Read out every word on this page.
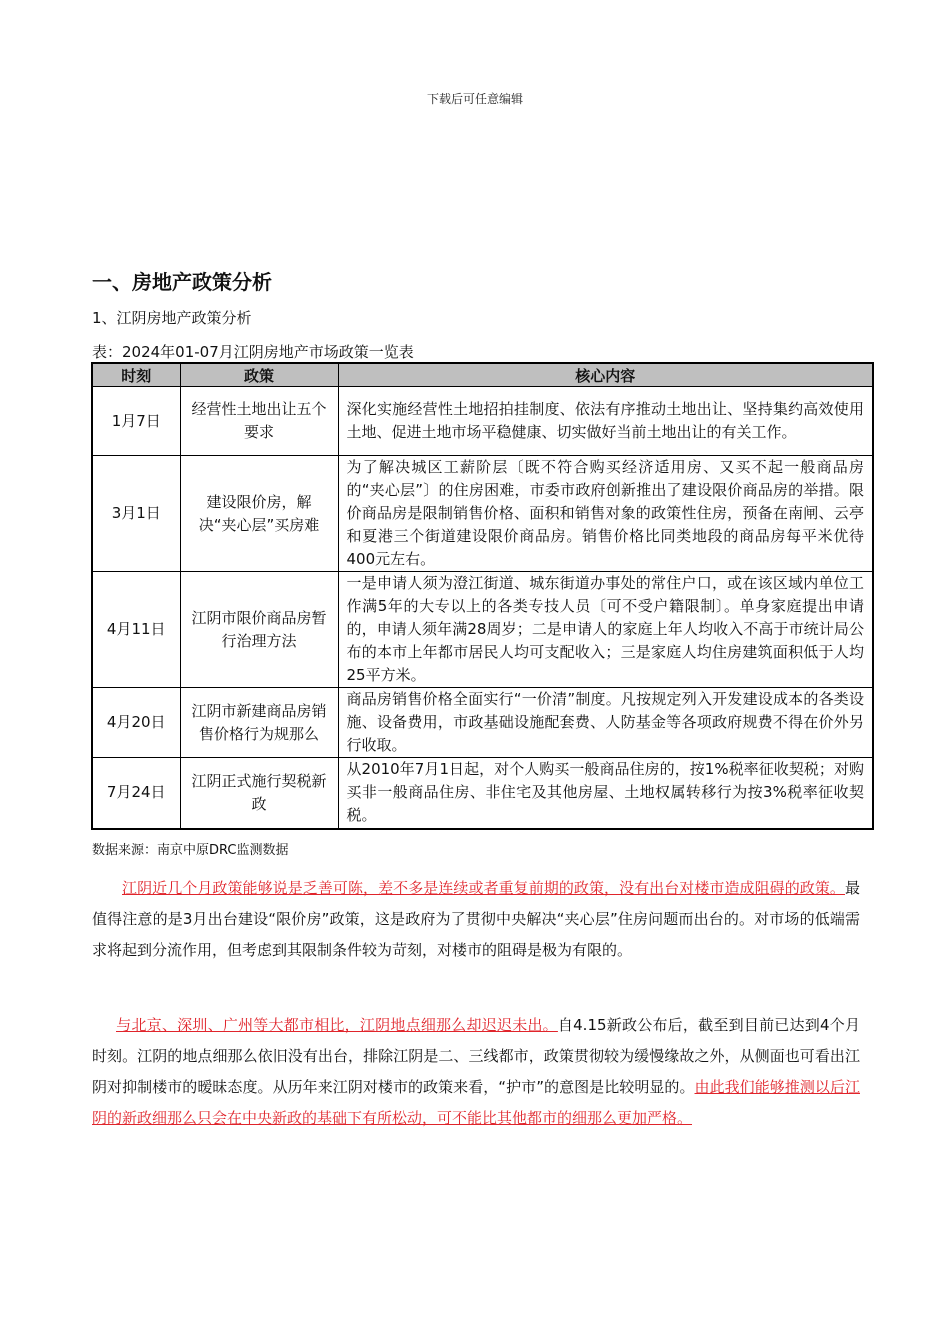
下载后可任意编辑
一、房地产政策分析
1、江阴房地产政策分析
表：2024年01-07月江阴房地产市场政策一览表
时刻	政策	核心内容
1月7日	经营性土地出让五个要求	深化实施经营性土地招拍挂制度、依法有序推动土地出让、坚持集约高效使用土地、促进土地市场平稳健康、切实做好当前土地出让的有关工作。
3月1日	建设限价房，解决“夹心层”买房难	为了解决城区工薪阶层〔既不符合购买经济适用房、又买不起一般商品房的“夹心层”〕的住房困难，市委市政府创新推出了建设限价商品房的举措。限价商品房是限制销售价格、面积和销售对象的政策性住房，预备在南闸、云亭和夏港三个街道建设限价商品房。销售价格比同类地段的商品房每平米优待400元左右。
4月11日	江阴市限价商品房暂行治理方法	一是申请人须为澄江街道、城东街道办事处的常住户口，或在该区域内单位工作满5年的大专以上的各类专技人员〔可不受户籍限制〕。单身家庭提出申请的，申请人须年满28周岁；二是申请人的家庭上年人均收入不高于市统计局公布的本市上年都市居民人均可支配收入；三是家庭人均住房建筑面积低于人均25平方米。
4月20日	江阴市新建商品房销售价格行为规那么	商品房销售价格全面实行“一价清”制度。凡按规定列入开发建设成本的各类设施、设备费用，市政基础设施配套费、人防基金等各项政府规费不得在价外另行收取。
7月24日	江阴正式施行契税新政	从2010年7月1日起，对个人购买一般商品住房的，按1%税率征收契税；对购买非一般商品住房、非住宅及其他房屋、土地权属转移行为按3%税率征收契税。
数据来源：南京中原DRC监测数据
江阴近几个月政策能够说是乏善可陈，差不多是连续或者重复前期的政策，没有出台对楼市造成阻碍的政策。最值得注意的是3月出台建设“限价房”政策，这是政府为了贯彻中央解决“夹心层”住房问题而出台的。对市场的低端需求将起到分流作用，但考虑到其限制条件较为苛刻，对楼市的阻碍是极为有限的。
与北京、深圳、广州等大都市相比，江阴地点细那么却迟迟未出。自4.15新政公布后，截至到目前已达到4个月时刻。江阴的地点细那么依旧没有出台，排除江阴是二、三线都市，政策贯彻较为缓慢缘故之外，从侧面也可看出江阴对抑制楼市的暧昧态度。从历年来江阴对楼市的政策来看，“护市”的意图是比较明显的。由此我们能够推测以后江阴的新政细那么只会在中央新政的基础下有所松动，可不能比其他都市的细那么更加严格。
